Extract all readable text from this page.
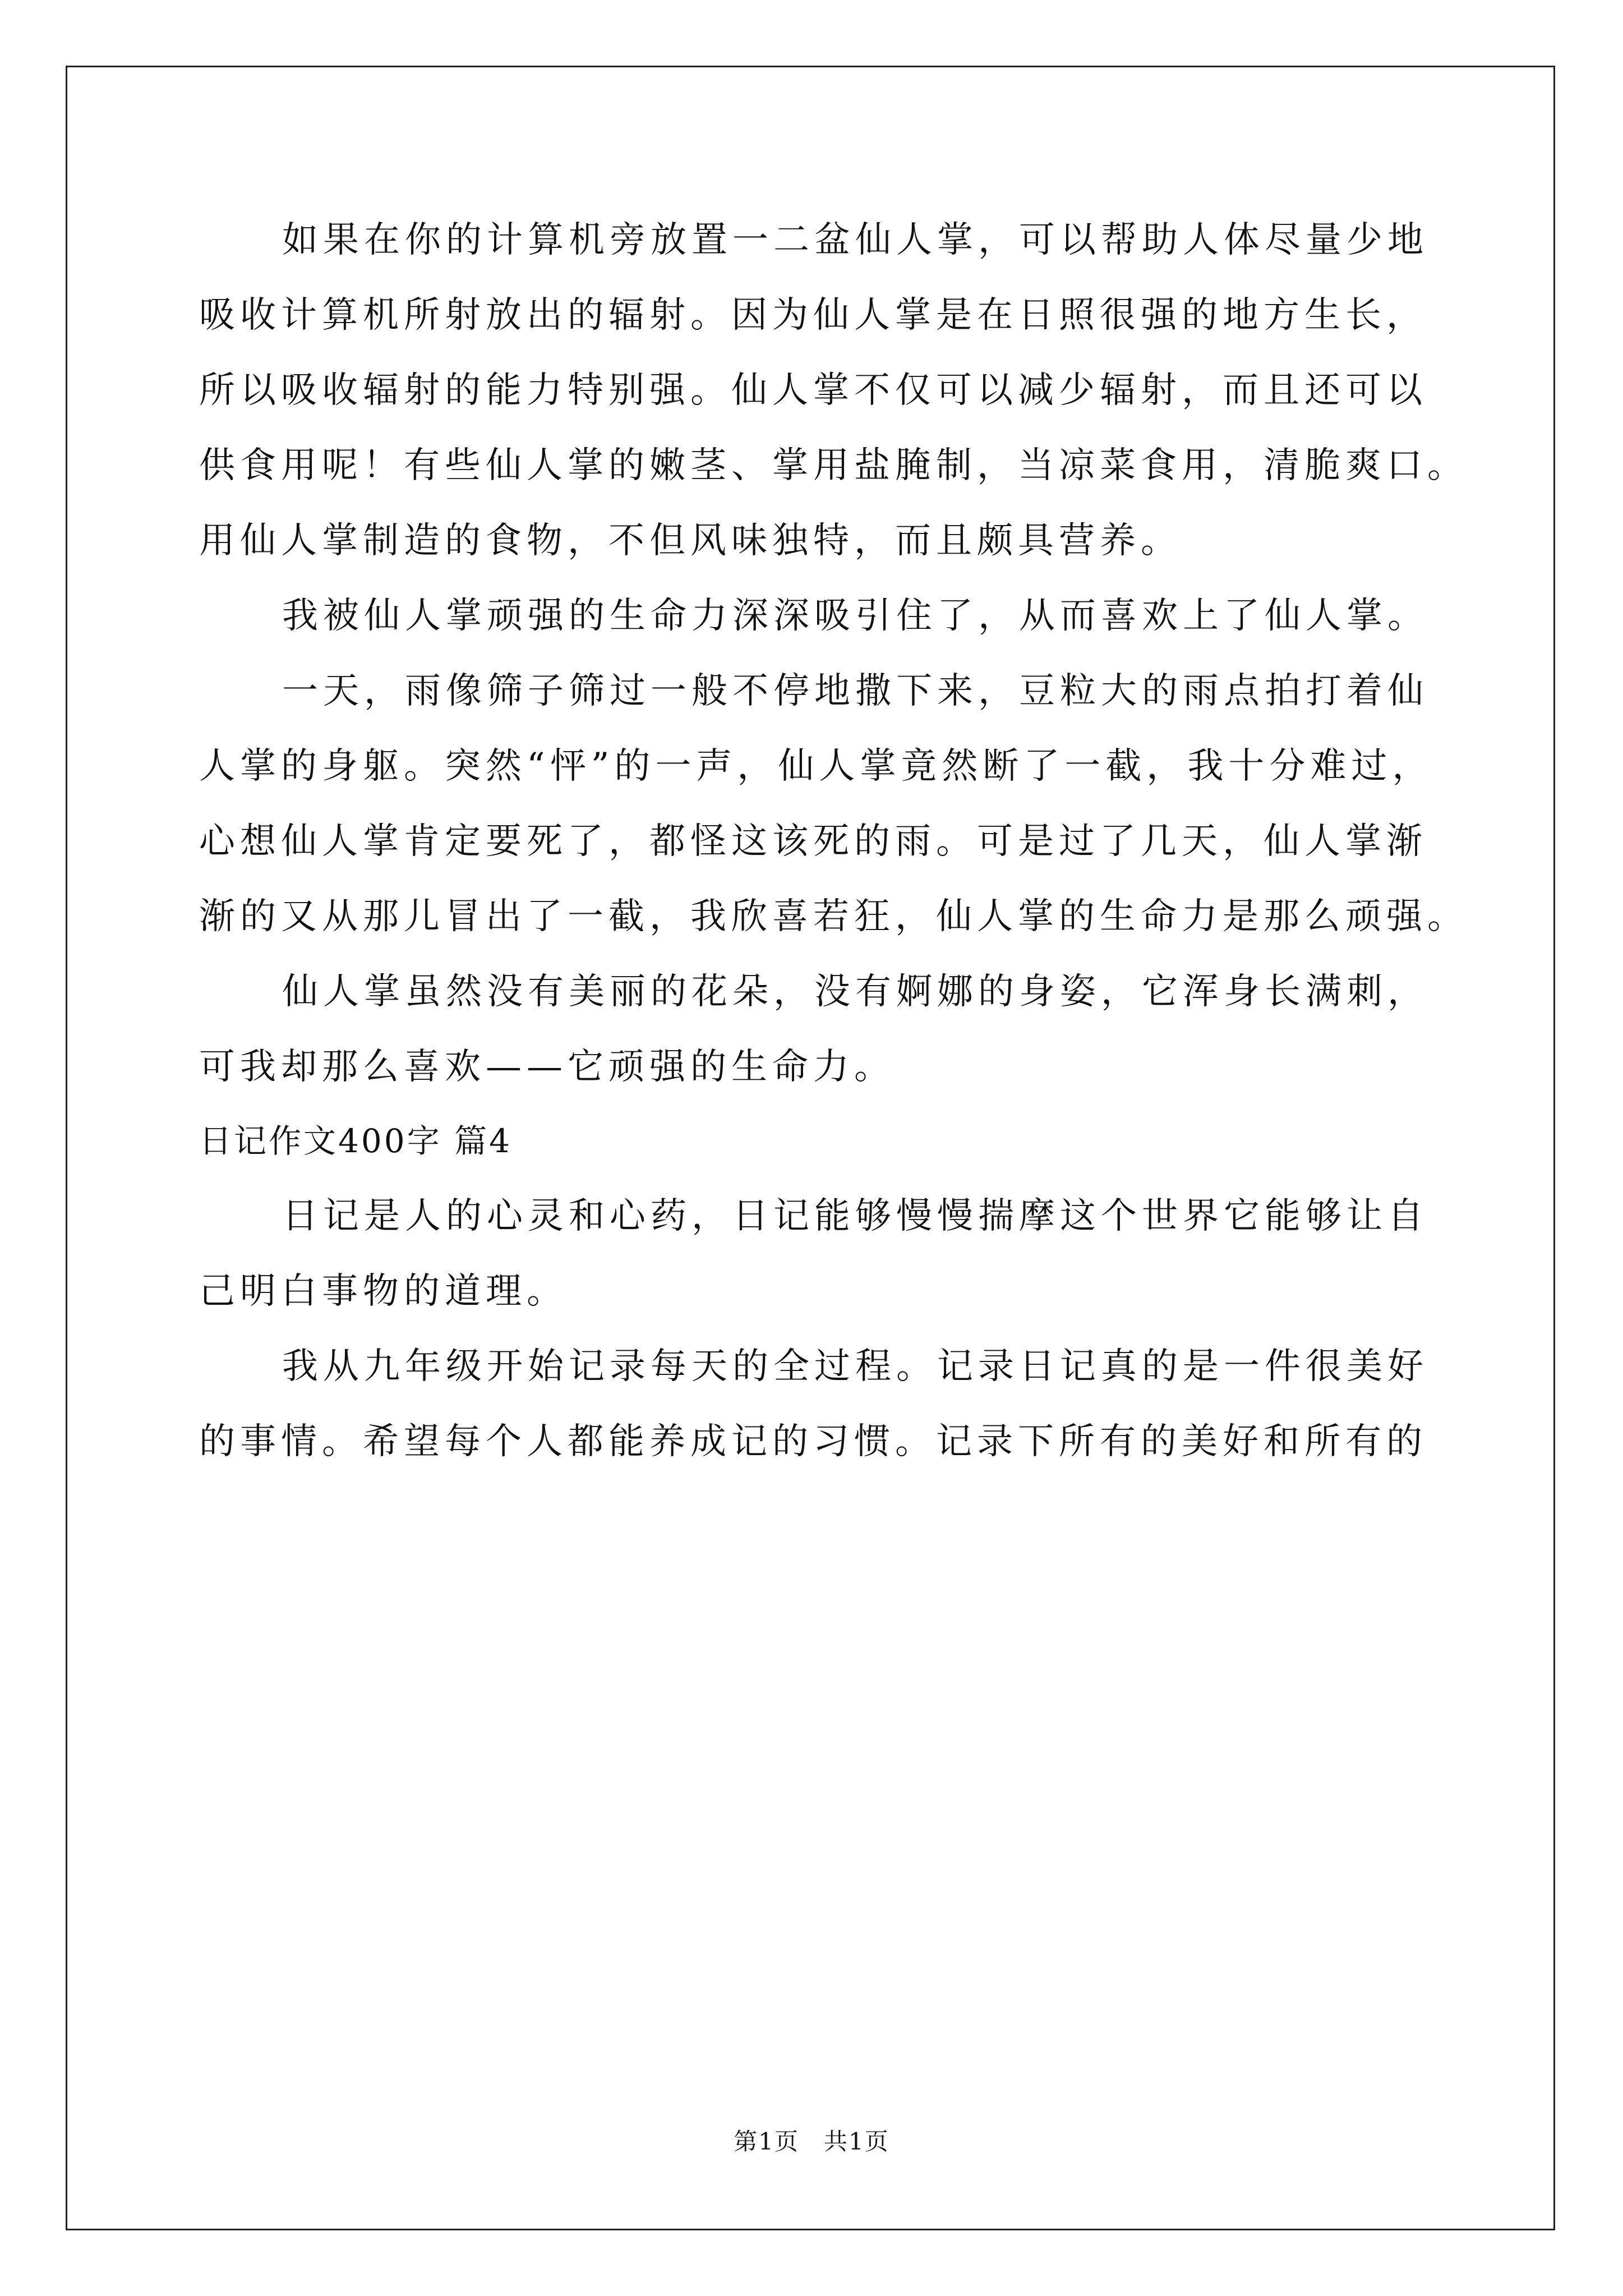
如果在你的计算机旁放置一二盆仙人掌，可以帮助人体尽量少地
吸收计算机所射放出的辐射。因为仙人掌是在日照很强的地方生长，
所以吸收辐射的能力特别强。仙人掌不仅可以减少辐射，而且还可以
供食用呢！有些仙人掌的嫩茎、掌用盐腌制，当凉菜食用，清脆爽口。
用仙人掌制造的食物，不但风味独特，而且颇具营养。
我被仙人掌顽强的生命力深深吸引住了，从而喜欢上了仙人掌。
一天，雨像筛子筛过一般不停地撒下来，豆粒大的雨点拍打着仙
人掌的身躯。突然“怦”的一声，仙人掌竟然断了一截，我十分难过，
心想仙人掌肯定要死了，都怪这该死的雨。可是过了几天，仙人掌渐
渐的又从那儿冒出了一截，我欣喜若狂，仙人掌的生命力是那么顽强。
仙人掌虽然没有美丽的花朵，没有婀娜的身姿，它浑身长满刺，
可我却那么喜欢——它顽强的生命力。
日记作文400字 篇4
日记是人的心灵和心药，日记能够慢慢揣摩这个世界它能够让自
己明白事物的道理。
我从九年级开始记录每天的全过程。记录日记真的是一件很美好
的事情。希望每个人都能养成记的习惯。记录下所有的美好和所有的
第1页　共1页
